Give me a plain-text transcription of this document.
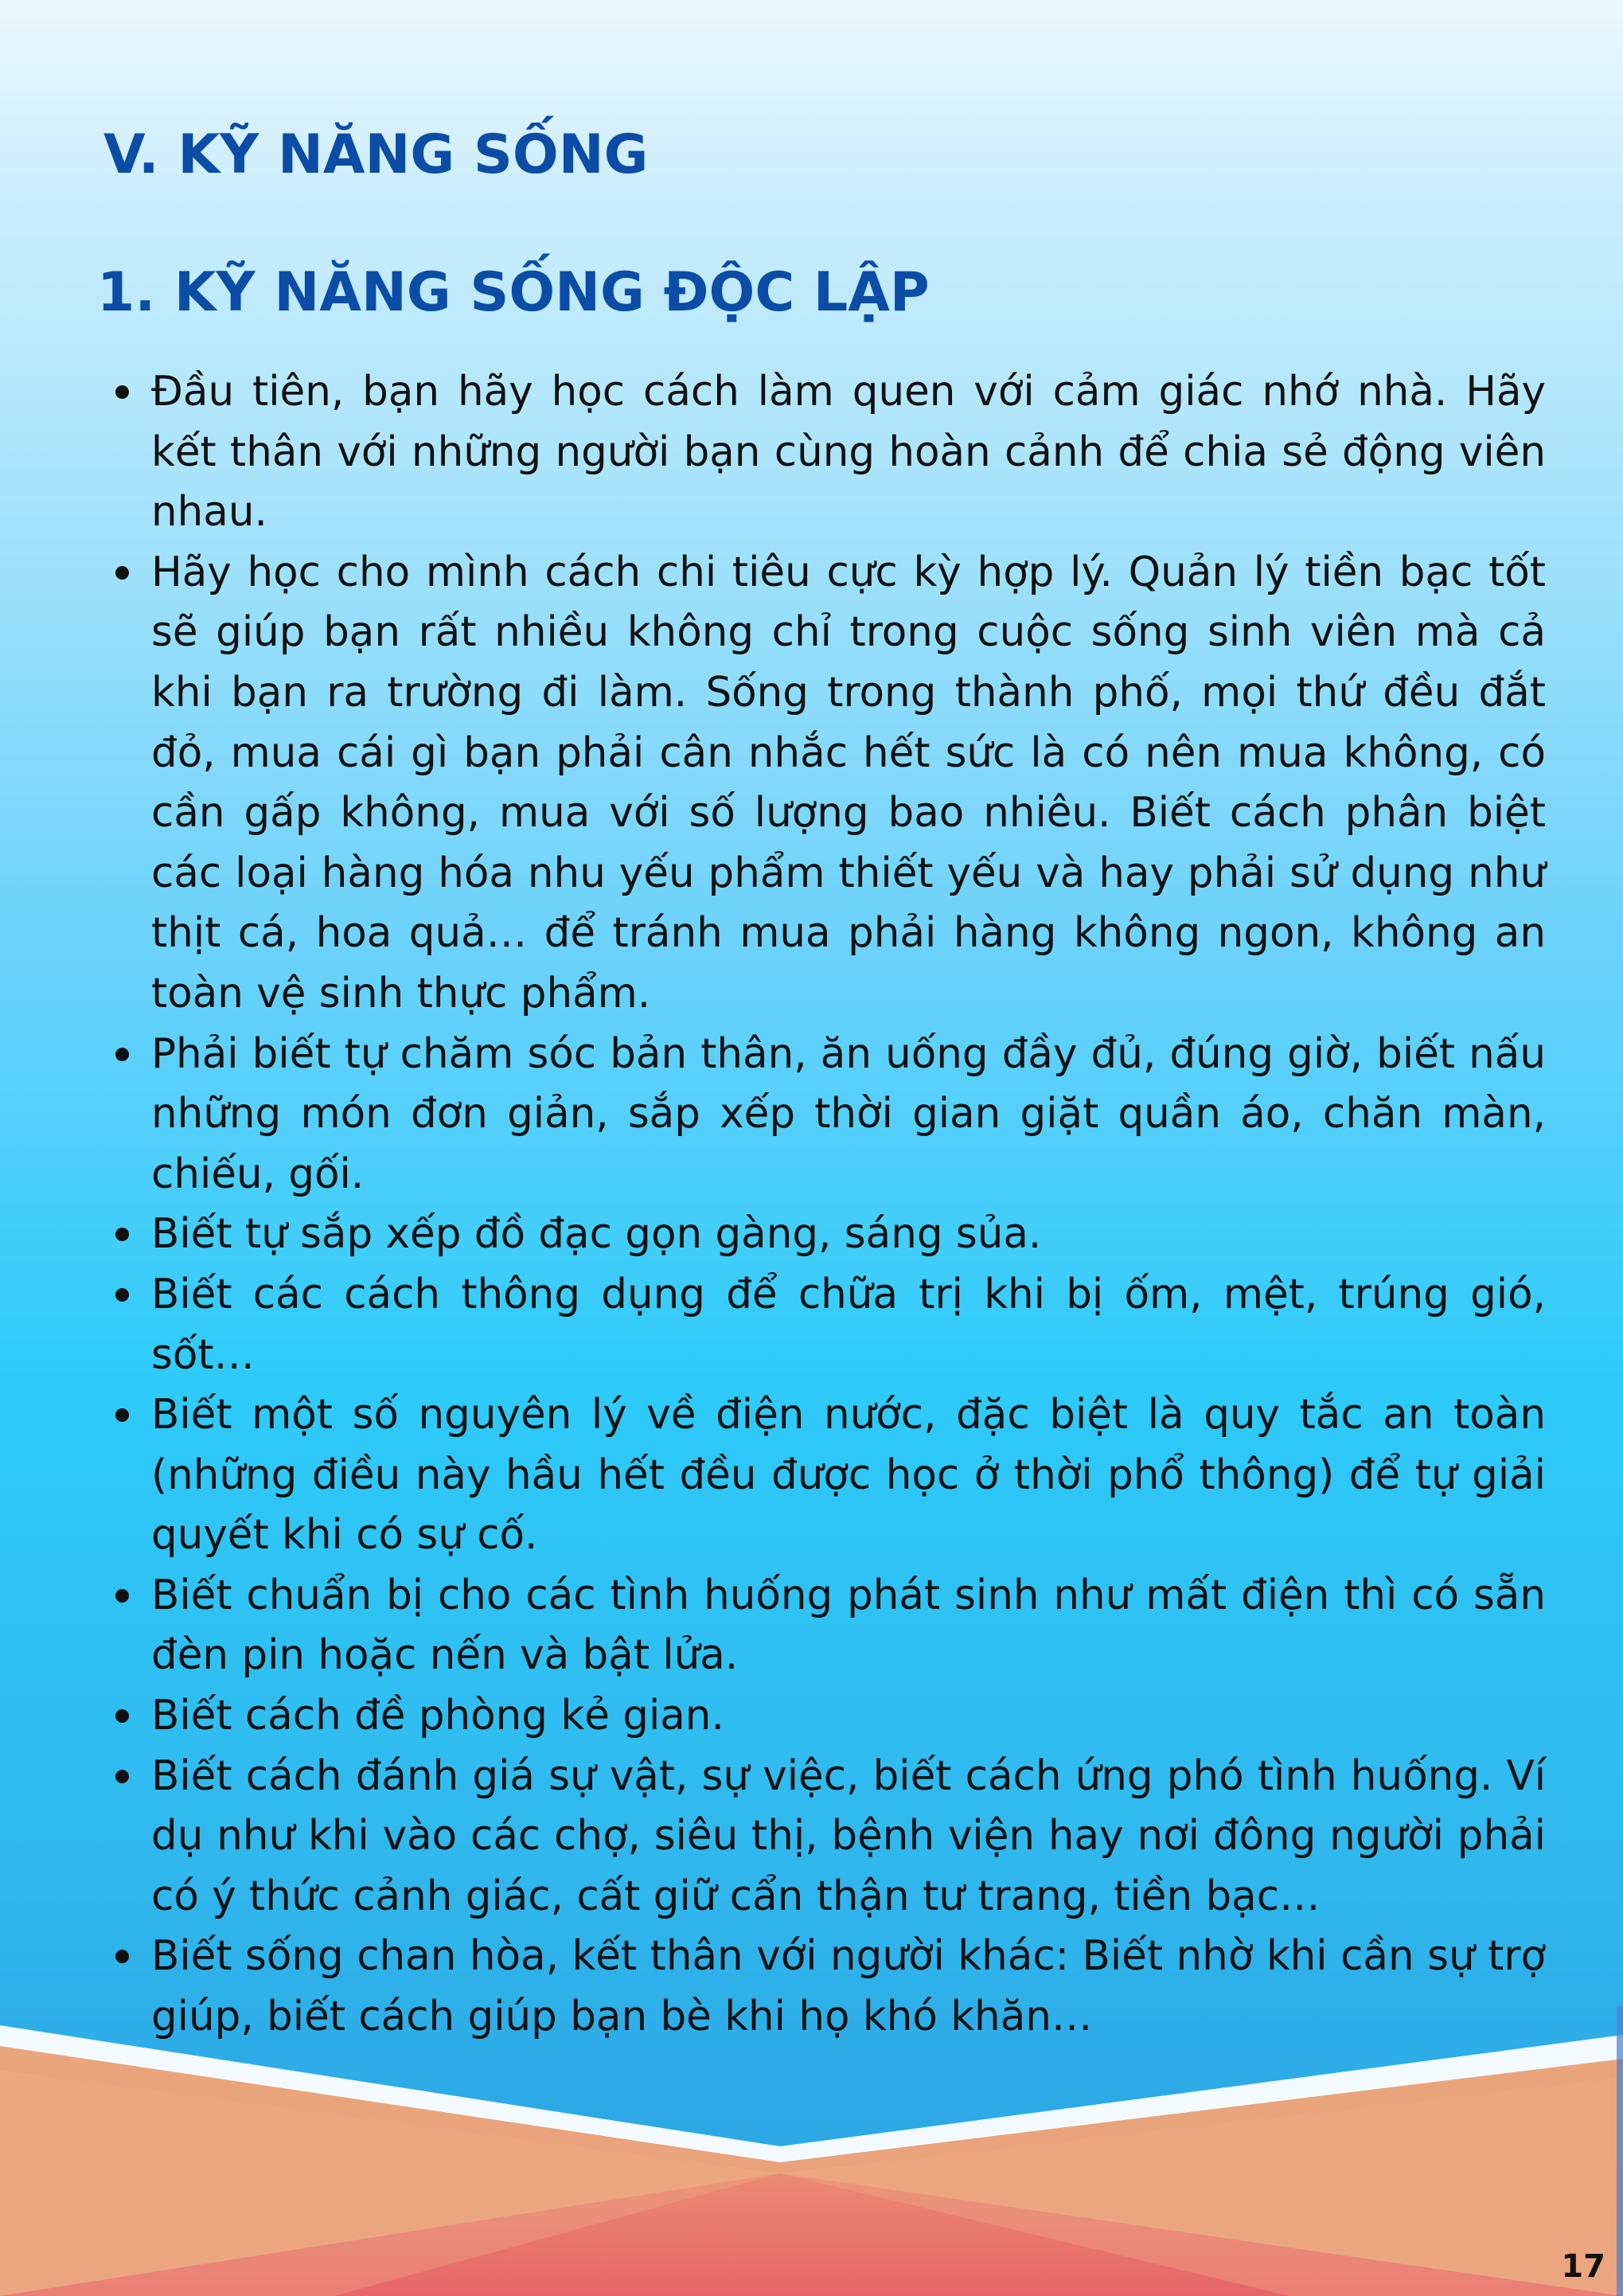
V. KỸ NĂNG SỐNG
1. KỸ NĂNG SỐNG ĐỘC LẬP
Đầu tiên, bạn hãy học cách làm quen với cảm giác nhớ nhà. Hãy kết thân với những người bạn cùng hoàn cảnh để chia sẻ động viên nhau.
Hãy học cho mình cách chi tiêu cực kỳ hợp lý. Quản lý tiền bạc tốt sẽ giúp bạn rất nhiều không chỉ trong cuộc sống sinh viên mà cả khi bạn ra trường đi làm. Sống trong thành phố, mọi thứ đều đắt đỏ, mua cái gì bạn phải cân nhắc hết sức là có nên mua không, có cần gấp không, mua với số lượng bao nhiêu. Biết cách phân biệt các loại hàng hóa nhu yếu phẩm thiết yếu và hay phải sử dụng như thịt cá, hoa quả… để tránh mua phải hàng không ngon, không an toàn vệ sinh thực phẩm.
Phải biết tự chăm sóc bản thân, ăn uống đầy đủ, đúng giờ, biết nấu những món đơn giản, sắp xếp thời gian giặt quần áo, chăn màn, chiếu, gối.
Biết tự sắp xếp đồ đạc gọn gàng, sáng sủa.
Biết các cách thông dụng để chữa trị khi bị ốm, mệt, trúng gió, sốt…
Biết một số nguyên lý về điện nước, đặc biệt là quy tắc an toàn (những điều này hầu hết đều được học ở thời phổ thông) để tự giải quyết khi có sự cố.
Biết chuẩn bị cho các tình huống phát sinh như mất điện thì có sẵn đèn pin hoặc nến và bật lửa.
Biết cách đề phòng kẻ gian.
Biết cách đánh giá sự vật, sự việc, biết cách ứng phó tình huống. Ví dụ như khi vào các chợ, siêu thị, bệnh viện hay nơi đông người phải có ý thức cảnh giác, cất giữ cẩn thận tư trang, tiền bạc…
Biết sống chan hòa, kết thân với người khác: Biết nhờ khi cần sự trợ giúp, biết cách giúp bạn bè khi họ khó khăn…
17
